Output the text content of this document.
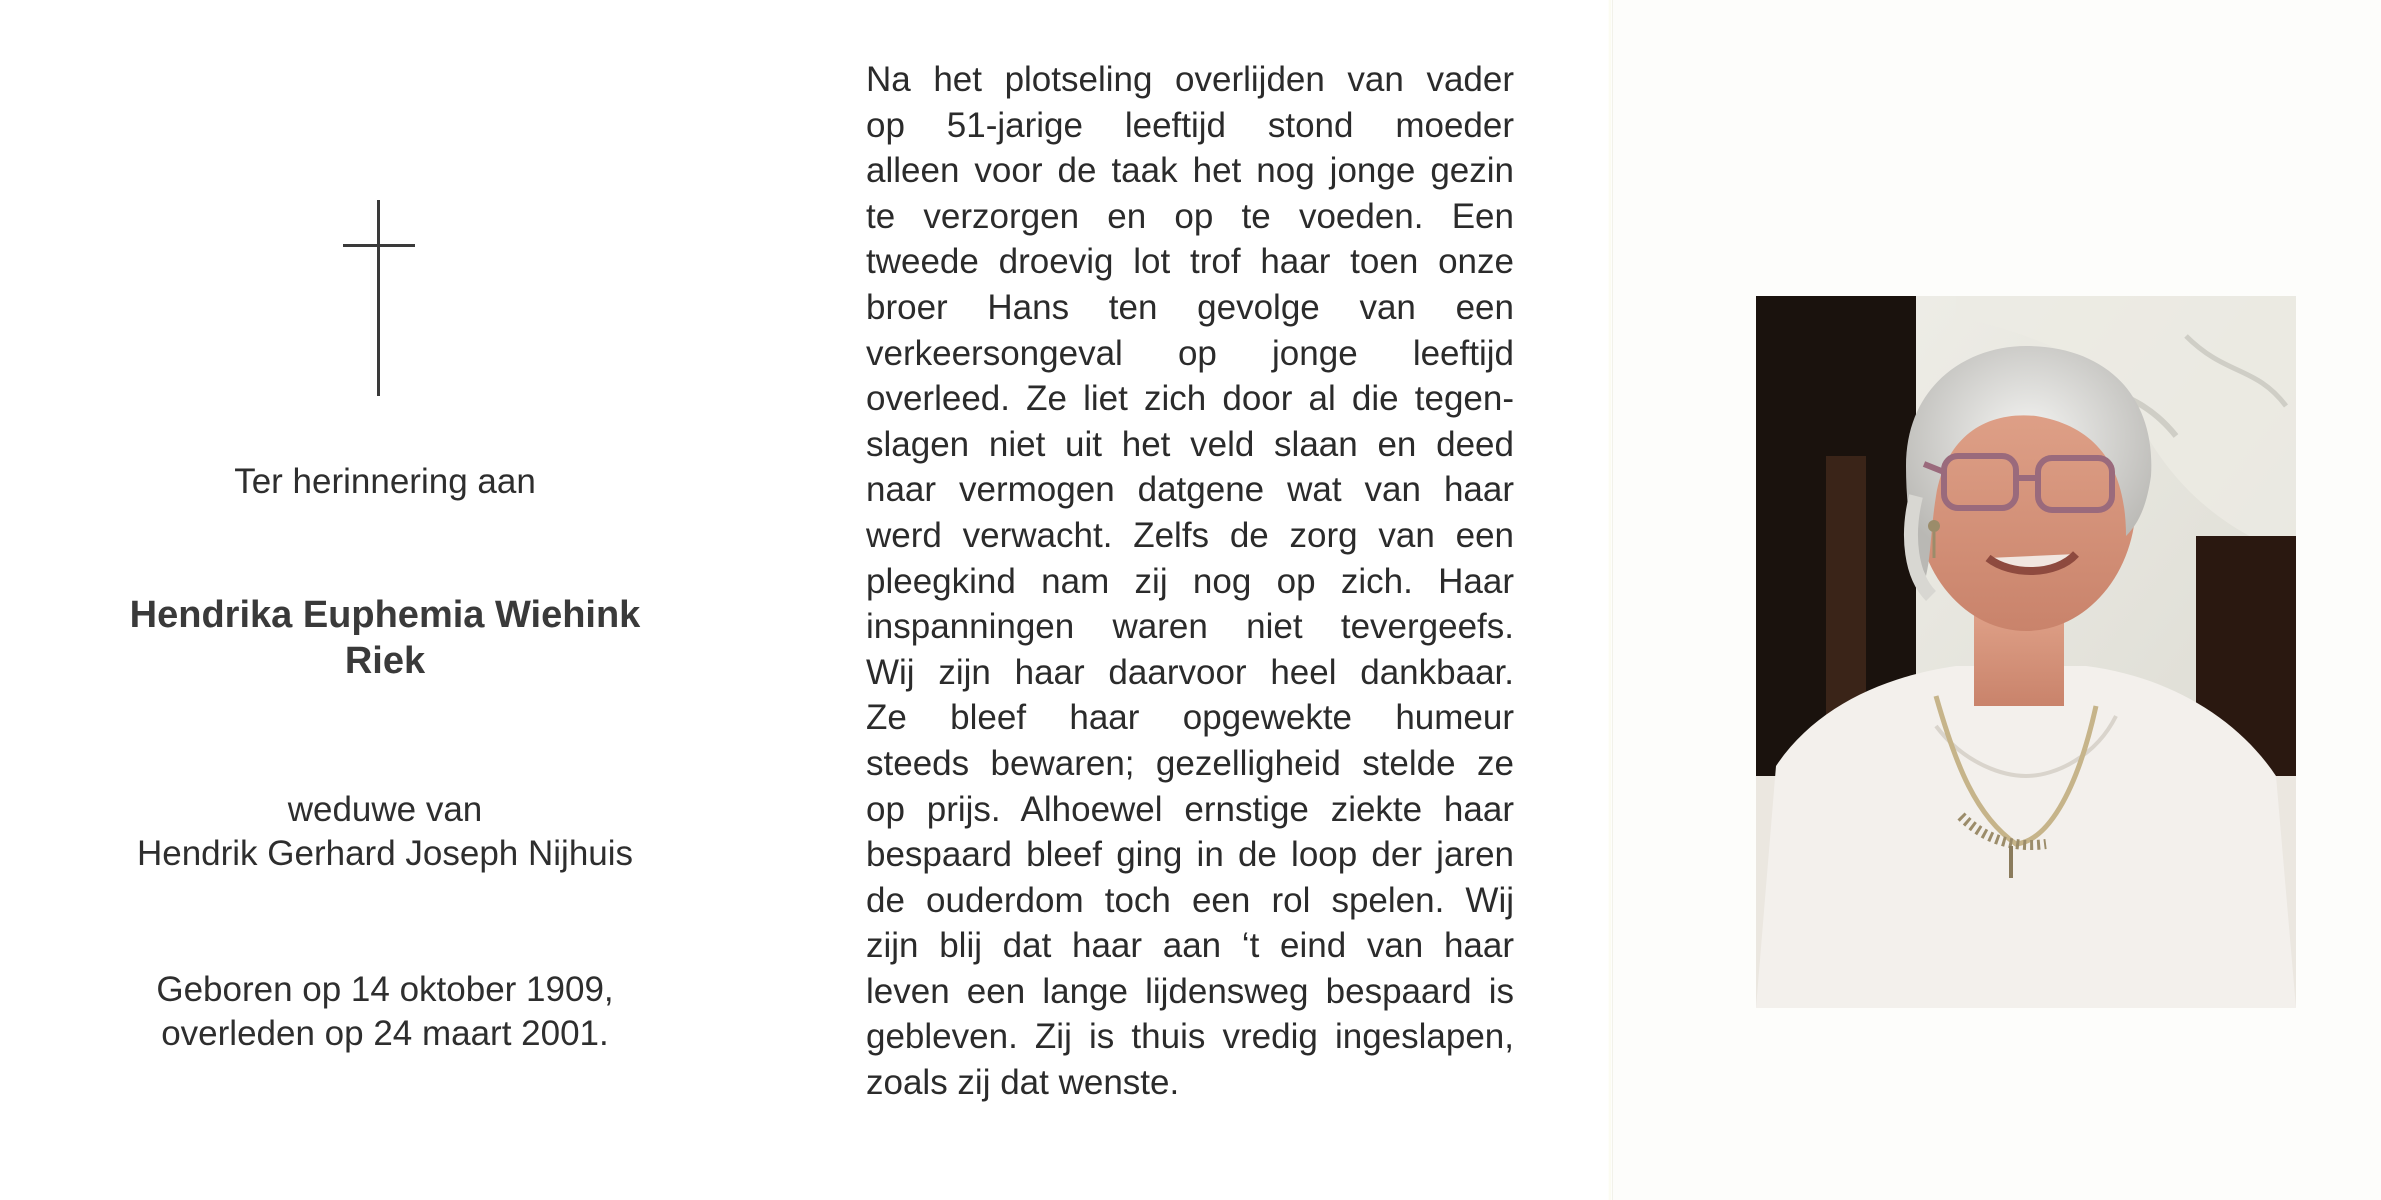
Ter herinnering aan
Hendrika Euphemia Wiehink
Riek
weduwe van
Hendrik Gerhard Joseph Nijhuis
Geboren op 14 oktober 1909,
overleden op 24 maart 2001.
Na het plotseling overlijden van vader
op 51-jarige leeftijd stond moeder
alleen voor de taak het nog jonge gezin
te verzorgen en op te voeden. Een
tweede droevig lot trof haar toen onze
broer Hans ten gevolge van een
verkeersongeval op jonge leeftijd
overleed. Ze liet zich door al die tegen-
slagen niet uit het veld slaan en deed
naar vermogen datgene wat van haar
werd verwacht. Zelfs de zorg van een
pleegkind nam zij nog op zich. Haar
inspanningen waren niet tevergeefs.
Wij zijn haar daarvoor heel dankbaar.
Ze bleef haar opgewekte humeur
steeds bewaren; gezelligheid stelde ze
op prijs. Alhoewel ernstige ziekte haar
bespaard bleef ging in de loop der jaren
de ouderdom toch een rol spelen. Wij
zijn blij dat haar aan ‘t eind van haar
leven een lange lijdensweg bespaard is
gebleven. Zij is thuis vredig ingeslapen,
zoals zij dat wenste.
